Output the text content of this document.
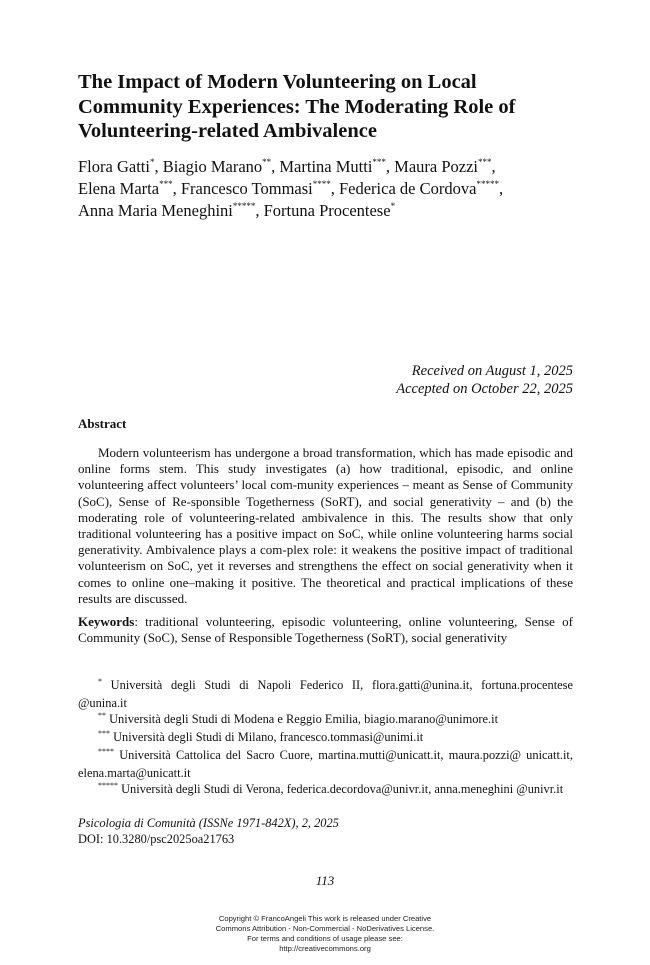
The Impact of Modern Volunteering on Local
Community Experiences: The Moderating Role of
Volunteering-related Ambivalence
Flora Gatti*, Biagio Marano**, Martina Mutti***, Maura Pozzi***,
Elena Marta***, Francesco Tommasi****, Federica de Cordova*****,
Anna Maria Meneghini*****, Fortuna Procentese*
Received on August 1, 2025
Accepted on October 22, 2025
Abstract
Modern volunteerism has undergone a broad transformation, which has made episodic and online forms stem. This study investigates (a) how traditional, episodic, and online volunteering affect volunteers’ local com-munity experiences – meant as Sense of Community (SoC), Sense of Re-sponsible Togetherness (SoRT), and social generativity – and (b) the moderating role of volunteering-related ambivalence in this. The results show that only traditional volunteering has a positive impact on SoC, while online volunteering harms social generativity. Ambivalence plays a com-plex role: it weakens the positive impact of traditional volunteerism on SoC, yet it reverses and strengthens the effect on social generativity when it comes to online one–making it positive. The theoretical and practical implications of these results are discussed.
Keywords: traditional volunteering, episodic volunteering, online volunteering, Sense of Community (SoC), Sense of Responsible Togetherness (SoRT), social generativity

* Università degli Studi di Napoli Federico II, flora.gatti@unina.it, fortuna.procentese @unina.it

** Università degli Studi di Modena e Reggio Emilia, biagio.marano@unimore.it

*** Università degli Studi di Milano, francesco.tommasi@unimi.it

**** Università Cattolica del Sacro Cuore, martina.mutti@unicatt.it, maura.pozzi@ unicatt.it, elena.marta@unicatt.it

***** Università degli Studi di Verona, federica.decordova@univr.it, anna.meneghini @univr.it

Psicologia di Comunità (ISSNe 1971-842X), 2, 2025
DOI: 10.3280/psc2025oa21763
113
Copyright © FrancoAngeli This work is released under Creative
Commons Attribution - Non-Commercial - NoDerivatives License.
For terms and conditions of usage please see:
http://creativecommons.org
